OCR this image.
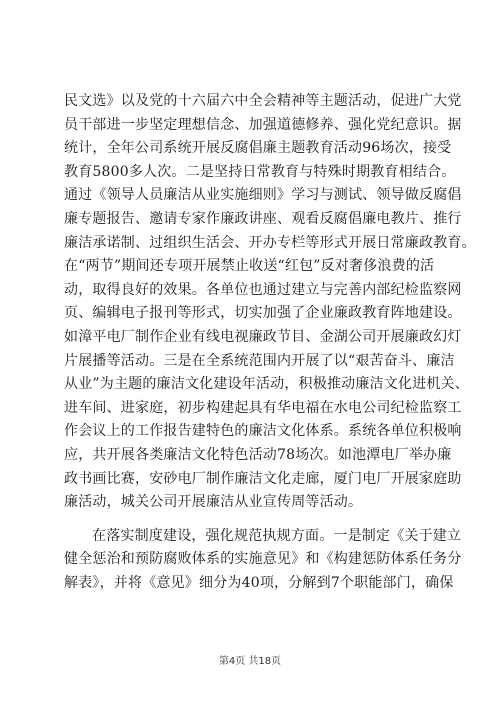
民文选》以及党的十六届六中全会精神等主题活动，促进广大党
员干部进一步坚定理想信念、加强道德修养、强化党纪意识。据
统计，全年公司系统开展反腐倡廉主题教育活动96场次，接受
教育5800多人次。二是坚持日常教育与特殊时期教育相结合。
通过《领导人员廉洁从业实施细则》学习与测试、领导做反腐倡
廉专题报告、邀请专家作廉政讲座、观看反腐倡廉电教片、推行
廉洁承诺制、过组织生活会、开办专栏等形式开展日常廉政教育。
在“两节”期间还专项开展禁止收送“红包”反对奢侈浪费的活
动，取得良好的效果。各单位也通过建立与完善内部纪检监察网
页、编辑电子报刊等形式，切实加强了企业廉政教育阵地建设。
如漳平电厂制作企业有线电视廉政节目、金湖公司开展廉政幻灯
片展播等活动。三是在全系统范围内开展了以“艰苦奋斗、廉洁
从业”为主题的廉洁文化建设年活动，积极推动廉洁文化进机关、
进车间、进家庭，初步构建起具有华电福在水电公司纪检监察工
作会议上的工作报告建特色的廉洁文化体系。系统各单位积极响
应，共开展各类廉洁文化特色活动78场次。如池潭电厂举办廉
政书画比赛，安砂电厂制作廉洁文化走廊，厦门电厂开展家庭助
廉活动，城关公司开展廉洁从业宣传周等活动。
在落实制度建设，强化规范执规方面。一是制定《关于建立
健全惩治和预防腐败体系的实施意见》和《构建惩防体系任务分
解表》，并将《意见》细分为40项，分解到7个职能部门，确保
第4页 共18页
